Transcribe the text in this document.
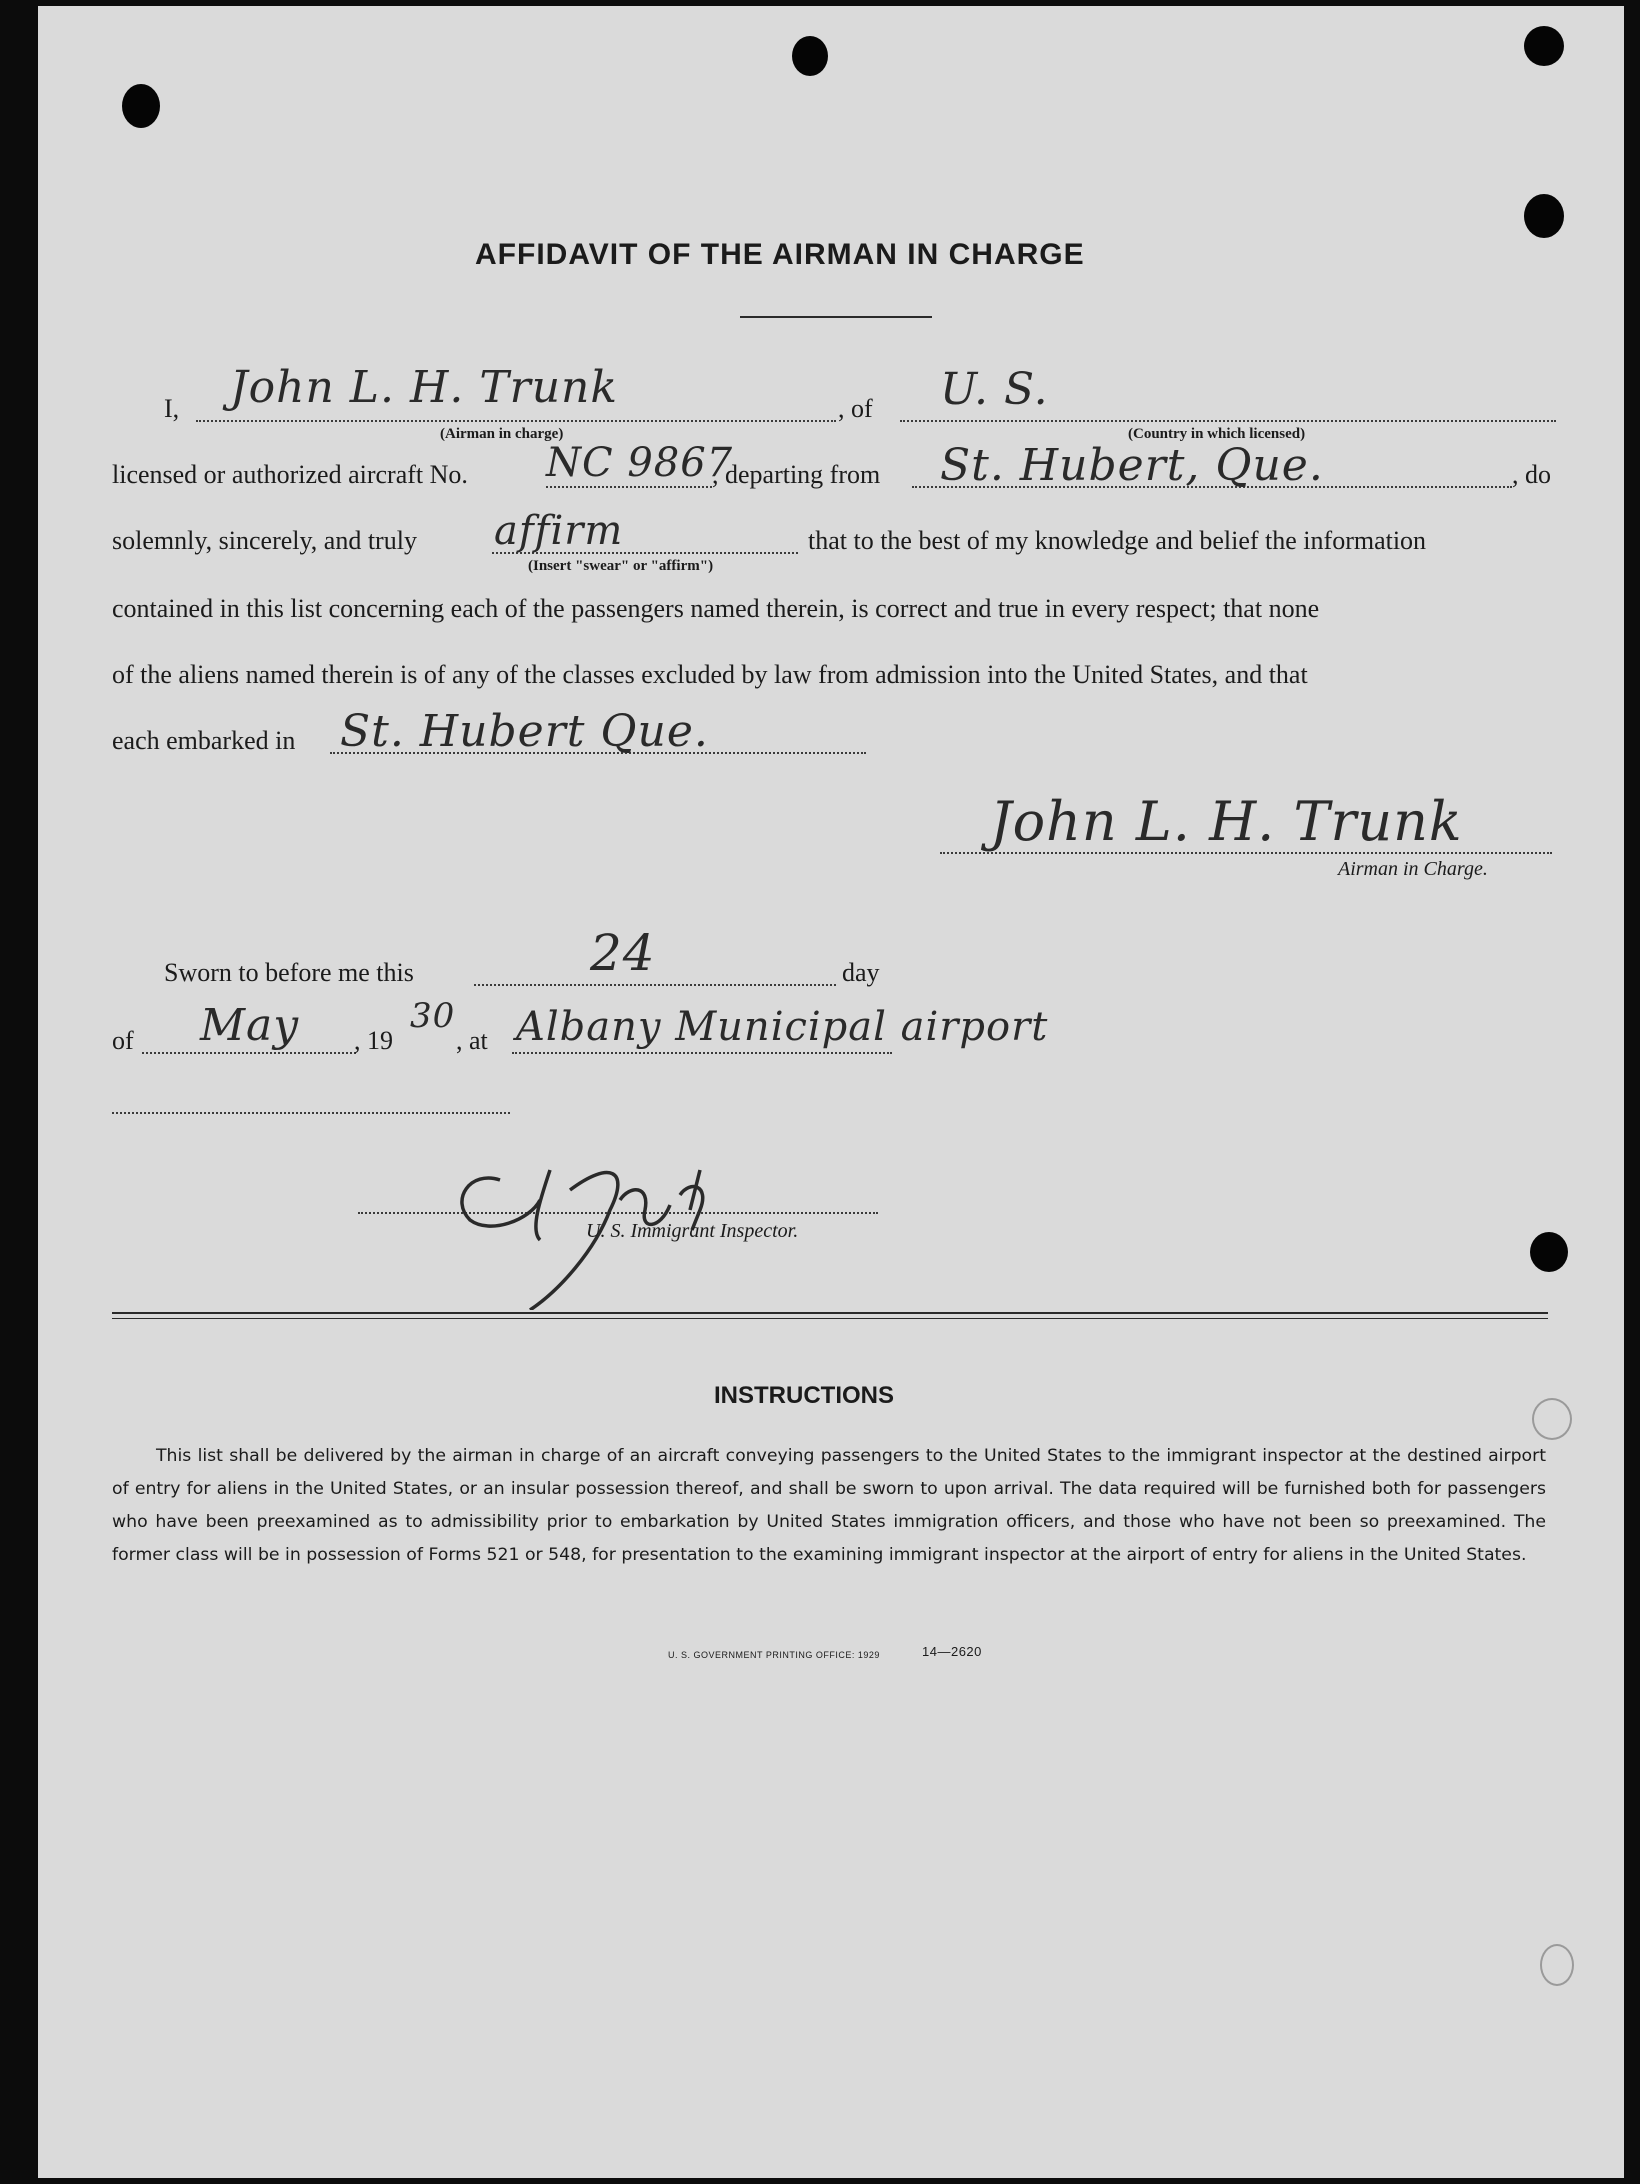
AFFIDAVIT OF THE AIRMAN IN CHARGE
I, John L. H. Trunk	, of U. S.
(Airman in charge)	(Country in which licensed)
licensed or authorized aircraft No. NC 9867
, departing from St. Hubert, Que.	, do
solemnly, sincerely, and truly affirm
(Insert "swear" or "affirm")
that to the best of my knowledge and belief the information
contained in this list concerning each of the passengers named therein, is correct and true in every respect; that none
of the aliens named therein is of any of the classes excluded by law from admission into the United States, and that
each embarked in St. Hubert Que.
John L. H. Trunk
Airman in Charge.
Sworn to before me this	24	day
of May , 19
30
, at Albany Municipal airport
U. S. Immigrant Inspector.
INSTRUCTIONS
This list shall be delivered by the airman in charge of an aircraft conveying passengers to the United States to the immigrant inspector at the destined airport of entry for aliens in the United States, or an insular possession thereof, and shall be sworn to upon arrival. The data required will be furnished both for passengers who have been preexamined as to admissibility prior to embarkation by United States immigration officers, and those who have not been so preexamined. The former class will be in possession of Forms 521 or 548, for presentation to the examining immigrant inspector at the airport of entry for aliens in the United States.
U. S. GOVERNMENT PRINTING OFFICE: 1929	14—2620
